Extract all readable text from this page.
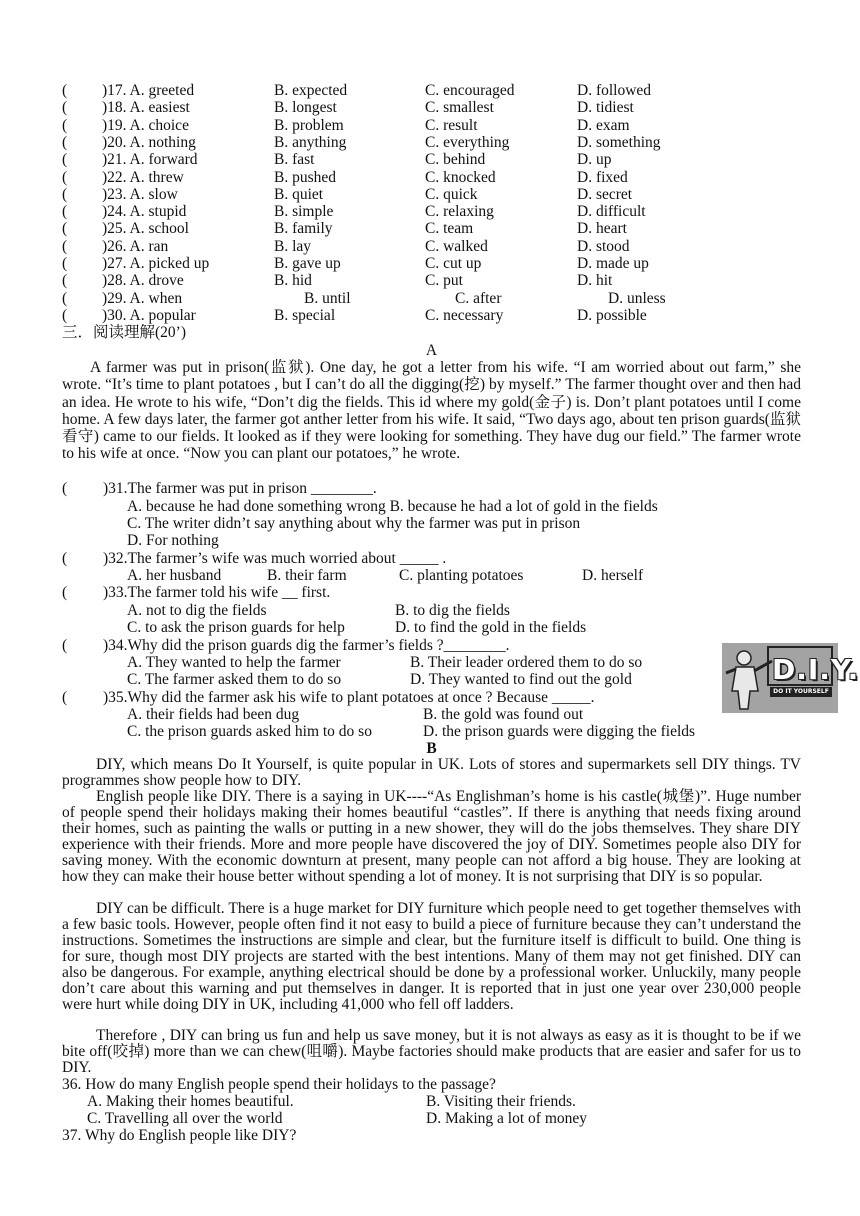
( )17. A. greeted	B. expected	C. encouraged	D. followed
( )18. A. easiest	B. longest	C. smallest	D. tidiest
( )19. A. choice	B. problem	C. result	D. exam
( )20. A. nothing	B. anything	C. everything	D. something
( )21. A. forward	B. fast	C. behind	D. up
( )22. A. threw	B. pushed	C. knocked	D. fixed
( )23. A. slow	B. quiet	C. quick	D. secret
( )24. A. stupid	B. simple	C. relaxing	D. difficult
( )25. A. school	B. family	C. team	D. heart
( )26. A. ran	B. lay	C. walked	D. stood
( )27. A. picked up	B. gave up	C. cut up	D. made up
( )28. A. drove	B. hid	C. put	D. hit
( )29. A. when	B. until	C. after	D. unless
( )30. A. popular	B. special	C. necessary	D. possible
三．阅读理解(20’)
A
A farmer was put in prison(监狱). One day, he got a letter from his wife. “I am worried about out farm,” she wrote. “It’s time to plant potatoes , but I can’t do all the digging(挖) by myself.” The farmer thought over and then had an idea. He wrote to his wife, “Don’t dig the fields. This id where my gold(金子) is. Don’t plant potatoes until I come home. A few days later, the farmer got anther letter from his wife. It said, “Two days ago, about ten prison guards(监狱看守) came to our fields. It looked as if they were looking for something. They have dug our field.” The farmer wrote to his wife at once. “Now you can plant our potatoes,” he wrote.
( )31.The farmer was put in prison ________.
A. because he had done something wrong B. because he had a lot of gold in the fields
C. The writer didn’t say anything about why the farmer was put in prison
D. For nothing
( )32.The farmer’s wife was much worried about _____ .
A. her husband	B. their farm	C. planting potatoes	D. herself
( )33.The farmer told his wife __ first.
A. not to dig the fields	B. to dig the fields
C. to ask the prison guards for help	D. to find the gold in the fields
( )34.Why did the prison guards dig the farmer’s fields ?________.
A. They wanted to help the farmer	B. Their leader ordered them to do so
C. The farmer asked them to do so	D. They wanted to find out the gold	D.I.Y.
DO IT YOURSELF
( )35.Why did the farmer ask his wife to plant potatoes at once ? Because _____.
A. their fields had been dug	B. the gold was found out
C. the prison guards asked him to do so	D. the prison guards were digging the fields
B
DIY, which means Do It Yourself, is quite popular in UK. Lots of stores and supermarkets sell DIY things. TV programmes show people how to DIY.
English people like DIY. There is a saying in UK----“As Englishman’s home is his castle(城堡)”. Huge number of people spend their holidays making their homes beautiful “castles”. If there is anything that needs fixing around their homes, such as painting the walls or putting in a new shower, they will do the jobs themselves. They share DIY experience with their friends. More and more people have discovered the joy of DIY. Sometimes people also DIY for saving money. With the economic downturn at present, many people can not afford a big house. They are looking at how they can make their house better without spending a lot of money. It is not surprising that DIY is so popular.
DIY can be difficult. There is a huge market for DIY furniture which people need to get together themselves with a few basic tools. However, people often find it not easy to build a piece of furniture because they can’t understand the instructions. Sometimes the instructions are simple and clear, but the furniture itself is difficult to build. One thing is for sure, though most DIY projects are started with the best intentions. Many of them may not get finished. DIY can also be dangerous. For example, anything electrical should be done by a professional worker. Unluckily, many people don’t care about this warning and put themselves in danger. It is reported that in just one year over 230,000 people were hurt while doing DIY in UK, including 41,000 who fell off ladders.
Therefore , DIY can bring us fun and help us save money, but it is not always as easy as it is thought to be if we bite off(咬掉) more than we can chew(咀嚼). Maybe factories should make products that are easier and safer for us to DIY.
36. How do many English people spend their holidays to the passage?
A. Making their homes beautiful.	B. Visiting their friends.
C. Travelling all over the world	D. Making a lot of money
37. Why do English people like DIY?
